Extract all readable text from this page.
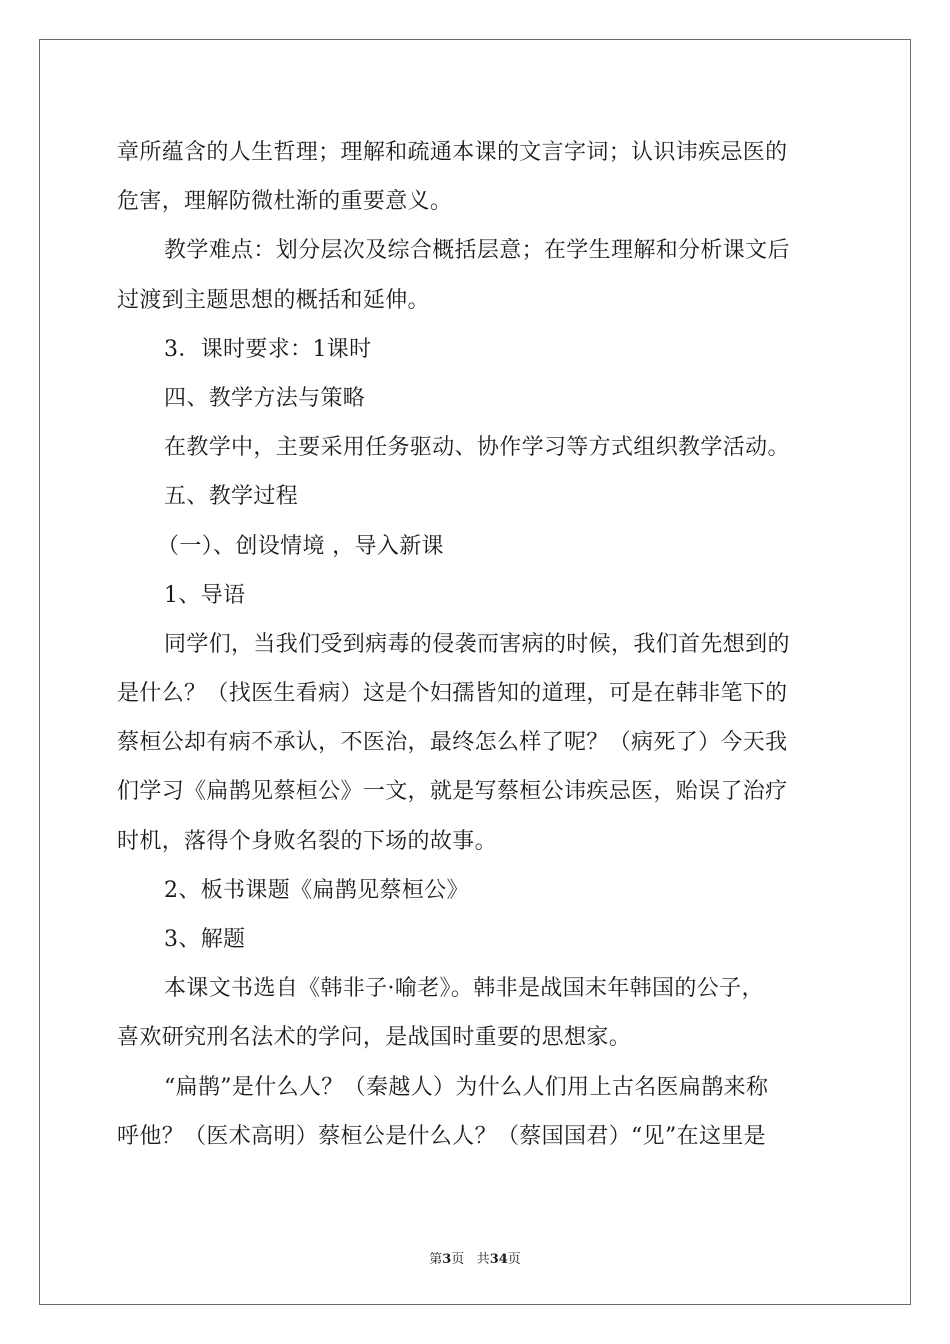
章所蕴含的人生哲理；理解和疏通本课的文言字词；认识讳疾忌医的
危害，理解防微杜渐的重要意义。
教学难点：划分层次及综合概括层意；在学生理解和分析课文后
过渡到主题思想的概括和延伸。
3．课时要求：1课时
四、教学方法与策略
在教学中，主要采用任务驱动、协作学习等方式组织教学活动。
五、教学过程
（一）、创设情境 ，导入新课
1、导语
同学们，当我们受到病毒的侵袭而害病的时候，我们首先想到的
是什么？（找医生看病）这是个妇孺皆知的道理，可是在韩非笔下的
蔡桓公却有病不承认，不医治，最终怎么样了呢？（病死了）今天我
们学习《扁鹊见蔡桓公》一文，就是写蔡桓公讳疾忌医，贻误了治疗
时机，落得个身败名裂的下场的故事。
2、板书课题《扁鹊见蔡桓公》
3、解题
本课文书选自《韩非子·喻老》。韩非是战国末年韩国的公子，
喜欢研究刑名法术的学问，是战国时重要的思想家。
“扁鹊”是什么人？（秦越人）为什么人们用上古名医扁鹊来称
呼他？（医术高明）蔡桓公是什么人？（蔡国国君）“见”在这里是
第3页 共34页
